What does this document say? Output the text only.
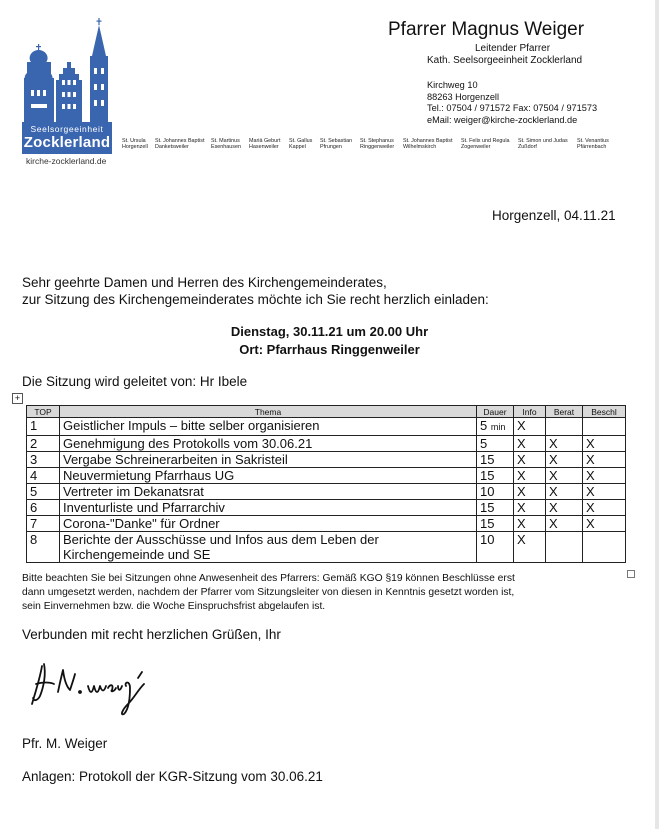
Seelsorgeeinheit
Zocklerland
kirche-zocklerland.de
St. Ursula
Horgenzell
St. Johannes Baptist
Danketsweiler
St. Martinus
Esenhausen
Mariä Geburt
Hasenweiler
St. Gallus
Kappel
St. Sebastian
Pfrungen
St. Stephanus
Ringgenweiler
St. Johannes Baptist
Wilhelmskirch
St. Felix und Regula
Zogenweiler
St. Simon und Judas
Zußdorf
St. Venantius
Pfärrenbach
Pfarrer Magnus Weiger
Leitender Pfarrer
Kath. Seelsorgeeinheit Zocklerland
Kirchweg 10
88263 Horgenzell
Tel.: 07504 / 971572 Fax: 07504 / 971573
eMail: weiger@kirche-zocklerland.de
Horgenzell, 04.11.21
Sehr geehrte Damen und Herren des Kirchengemeinderates,
zur Sitzung des Kirchengemeinderates möchte ich Sie recht herzlich einladen:
Dienstag, 30.11.21 um 20.00 Uhr
Ort: Pfarrhaus Ringgenweiler
Die Sitzung wird geleitet von: Hr Ibele
+
TOP	Thema	Dauer	Info	Berat	Beschl
1	Geistlicher Impuls – bitte selber organisieren	5 min	X		
2	Genehmigung des Protokolls vom 30.06.21	5	X	X	X
3	Vergabe Schreinerarbeiten in Sakristeil	15	X	X	X
4	Neuvermietung Pfarrhaus UG	15	X	X	X
5	Vertreter im Dekanatsrat	10	X	X	X
6	Inventurliste und Pfarrarchiv	15	X	X	X
7	Corona-"Danke" für Ordner	15	X	X	X
8	Berichte der Ausschüsse und Infos aus dem Leben der Kirchengemeinde und SE	10	X		
Bitte beachten Sie bei Sitzungen ohne Anwesenheit des Pfarrers: Gemäß KGO §19 können Beschlüsse erst
dann umgesetzt werden, nachdem der Pfarrer vom Sitzungsleiter von diesen in Kenntnis gesetzt worden ist,
sein Einvernehmen bzw. die Woche Einspruchsfrist abgelaufen ist.
Verbunden mit recht herzlichen Grüßen, Ihr
Pfr. M. Weiger
Anlagen: Protokoll der KGR-Sitzung vom 30.06.21
